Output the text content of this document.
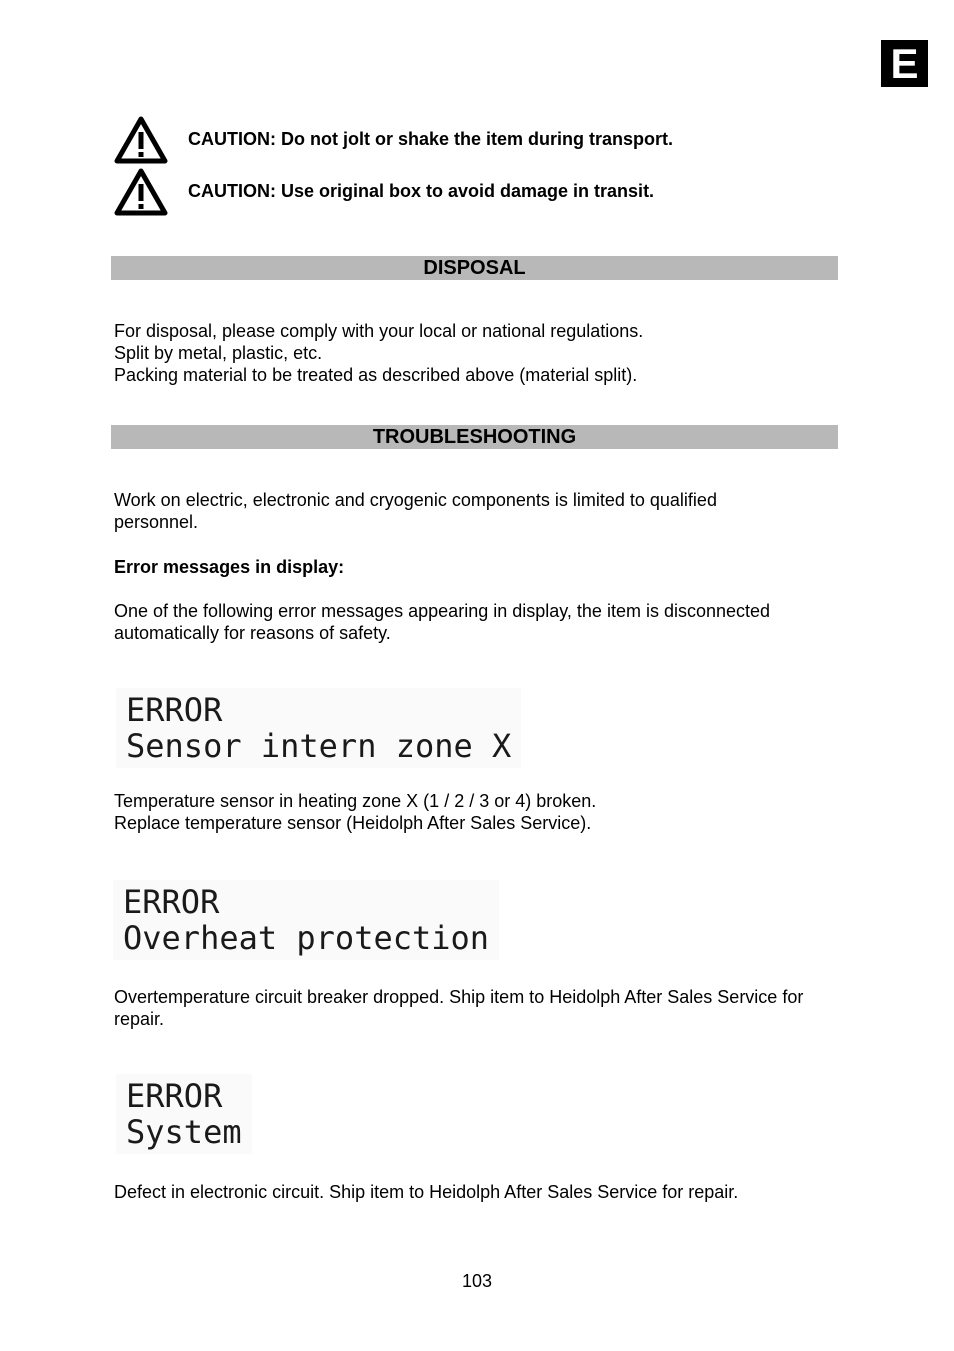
E
CAUTION: Do not jolt or shake the item during transport.
CAUTION: Use original box to avoid damage in transit.
DISPOSAL

For disposal, please comply with your local or national regulations.

Split by metal, plastic, etc.

Packing material to be treated as described above (material split).

TROUBLESHOOTING
Work on electric, electronic and cryogenic components is limited to qualified personnel.
Error messages in display:
One of the following error messages appearing in display, the item is disconnected automatically for reasons of safety.
ERROR
Sensor intern zone X

Temperature sensor in heating zone X (1 / 2 / 3 or 4) broken.

Replace temperature sensor (Heidolph After Sales Service).

ERROR
Overheat protection
Overtemperature circuit breaker dropped. Ship item to Heidolph After Sales Service for repair.
ERROR
System
Defect in electronic circuit. Ship item to Heidolph After Sales Service for repair.
103
